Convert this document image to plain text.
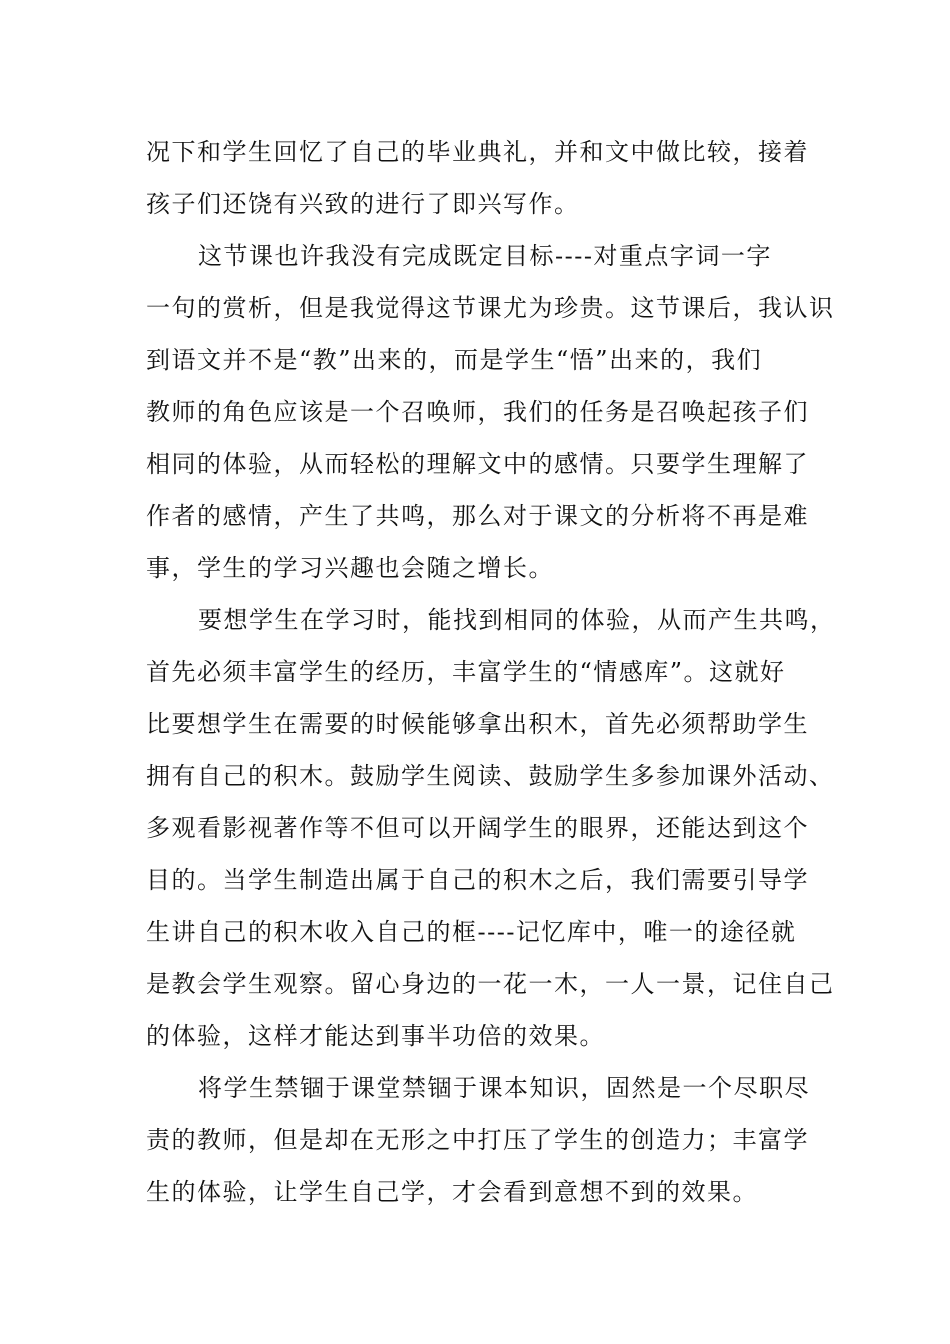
况下和学生回忆了自己的毕业典礼，并和文中做比较，接着
孩子们还饶有兴致的进行了即兴写作。
这节课也许我没有完成既定目标----对重点字词一字
一句的赏析，但是我觉得这节课尤为珍贵。这节课后，我认识
到语文并不是“教”出来的，而是学生“悟”出来的，我们
教师的角色应该是一个召唤师，我们的任务是召唤起孩子们
相同的体验，从而轻松的理解文中的感情。只要学生理解了
作者的感情，产生了共鸣，那么对于课文的分析将不再是难
事，学生的学习兴趣也会随之增长。
要想学生在学习时，能找到相同的体验，从而产生共鸣，
首先必须丰富学生的经历，丰富学生的“情感库”。这就好
比要想学生在需要的时候能够拿出积木，首先必须帮助学生
拥有自己的积木。鼓励学生阅读、鼓励学生多参加课外活动、
多观看影视著作等不但可以开阔学生的眼界，还能达到这个
目的。当学生制造出属于自己的积木之后，我们需要引导学
生讲自己的积木收入自己的框----记忆库中，唯一的途径就
是教会学生观察。留心身边的一花一木，一人一景，记住自己
的体验，这样才能达到事半功倍的效果。
将学生禁锢于课堂禁锢于课本知识，固然是一个尽职尽
责的教师，但是却在无形之中打压了学生的创造力；丰富学
生的体验，让学生自己学，才会看到意想不到的效果。
